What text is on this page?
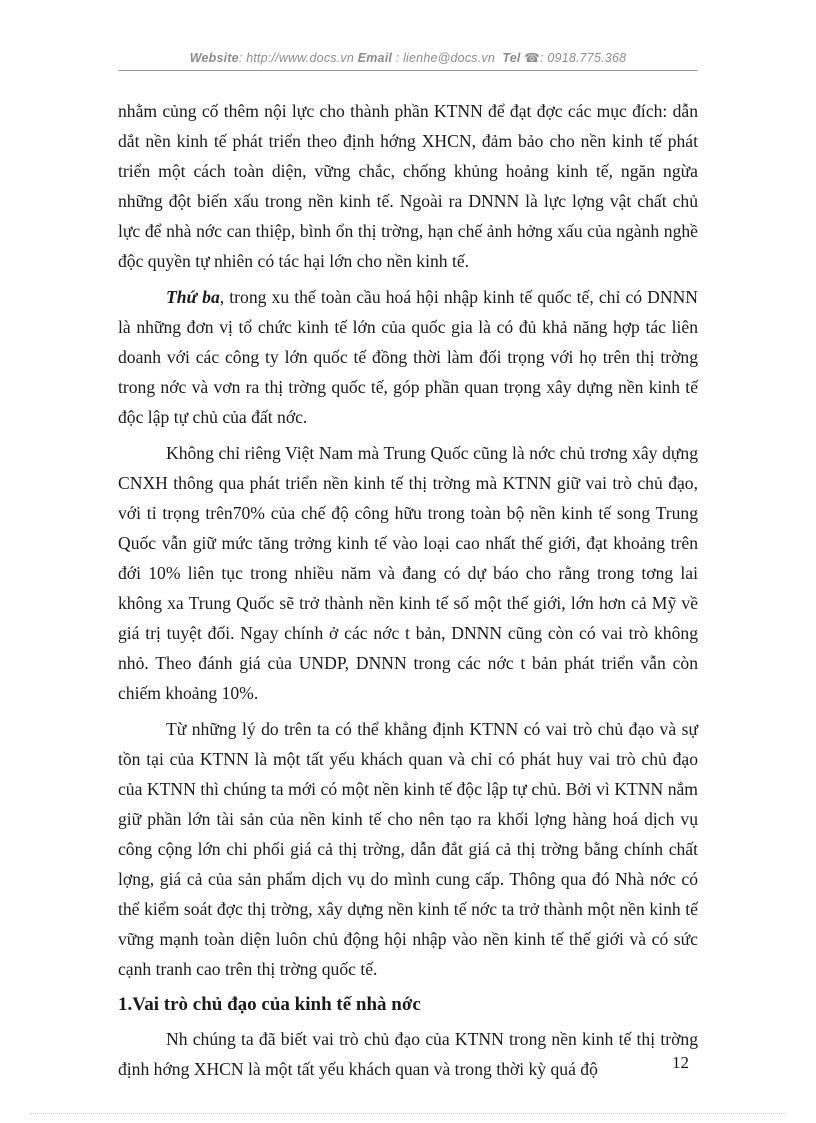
Website: http://www.docs.vn Email : lienhe@docs.vn Tel ☎: 0918.775.368

nhằm củng cố thêm nội lực cho thành phần KTNN để đạt đợc các mục đích: dẫn dắt nền kinh tế phát triển theo định hớng XHCN, đảm bảo cho nền kinh tế phát triển một cách toàn diện, vững chắc, chống khủng hoảng kinh tế, ngăn ngừa những đột biến xấu trong nền kinh tế. Ngoài ra DNNN là lực lợng vật chất chủ lực để nhà nớc can thiệp, bình ổn thị trờng, hạn chế ảnh hởng xấu của ngành nghề độc quyền tự nhiên có tác hại lớn cho nền kinh tế.

Thứ ba, trong xu thế toàn cầu hoá hội nhập kinh tế quốc tế, chỉ có DNNN là những đơn vị tổ chức kinh tế lớn của quốc gia là có đủ khả năng hợp tác liên doanh với các công ty lớn quốc tế đồng thời làm đối trọng với họ trên thị trờng trong nớc và vơn ra thị trờng quốc tế, góp phần quan trọng xây dựng nền kinh tế độc lập tự chủ của đất nớc.

Không chỉ riêng Việt Nam mà Trung Quốc cũng là nớc chủ trơng xây dựng CNXH thông qua phát triển nền kinh tế thị trờng mà KTNN giữ vai trò chủ đạo, với tỉ trọng trên70% của chế độ công hữu trong toàn bộ nền kinh tế song Trung Quốc vẫn giữ mức tăng trởng kinh tế vào loại cao nhất thế giới, đạt khoảng trên đới 10% liên tục trong nhiều năm và đang có dự báo cho rằng trong tơng lai không xa Trung Quốc sẽ trở thành nền kinh tế số một thế giới, lớn hơn cả Mỹ về giá trị tuyệt đối. Ngay chính ở các nớc t bản, DNNN cũng còn có vai trò không nhỏ. Theo đánh giá của UNDP, DNNN trong các nớc t bản phát triển vẫn còn chiếm khoảng 10%.

Từ những lý do trên ta có thể khẳng định KTNN có vai trò chủ đạo và sự tồn tại của KTNN là một tất yếu khách quan và chỉ có phát huy vai trò chủ đạo của KTNN thì chúng ta mới có một nền kinh tế độc lập tự chủ. Bởi vì KTNN nắm giữ phần lớn tài sản của nền kinh tế cho nên tạo ra khối lợng hàng hoá dịch vụ công cộng lớn chi phối giá cả thị trờng, dẫn đắt giá cả thị trờng bằng chính chất lợng, giá cả của sản phẩm dịch vụ do mình cung cấp. Thông qua đó Nhà nớc có thể kiểm soát đợc thị trờng, xây dựng nền kinh tế nớc ta trở thành một nền kinh tế vững mạnh toàn diện luôn chủ động hội nhập vào nền kinh tế thế giới và có sức cạnh tranh cao trên thị trờng quốc tế.

1.Vai trò chủ đạo của kinh tế nhà nớc

Nh chúng ta đã biết vai trò chủ đạo của KTNN trong nền kinh tế thị trờng định hớng XHCN là một tất yếu khách quan và trong thời kỳ quá độ	12
